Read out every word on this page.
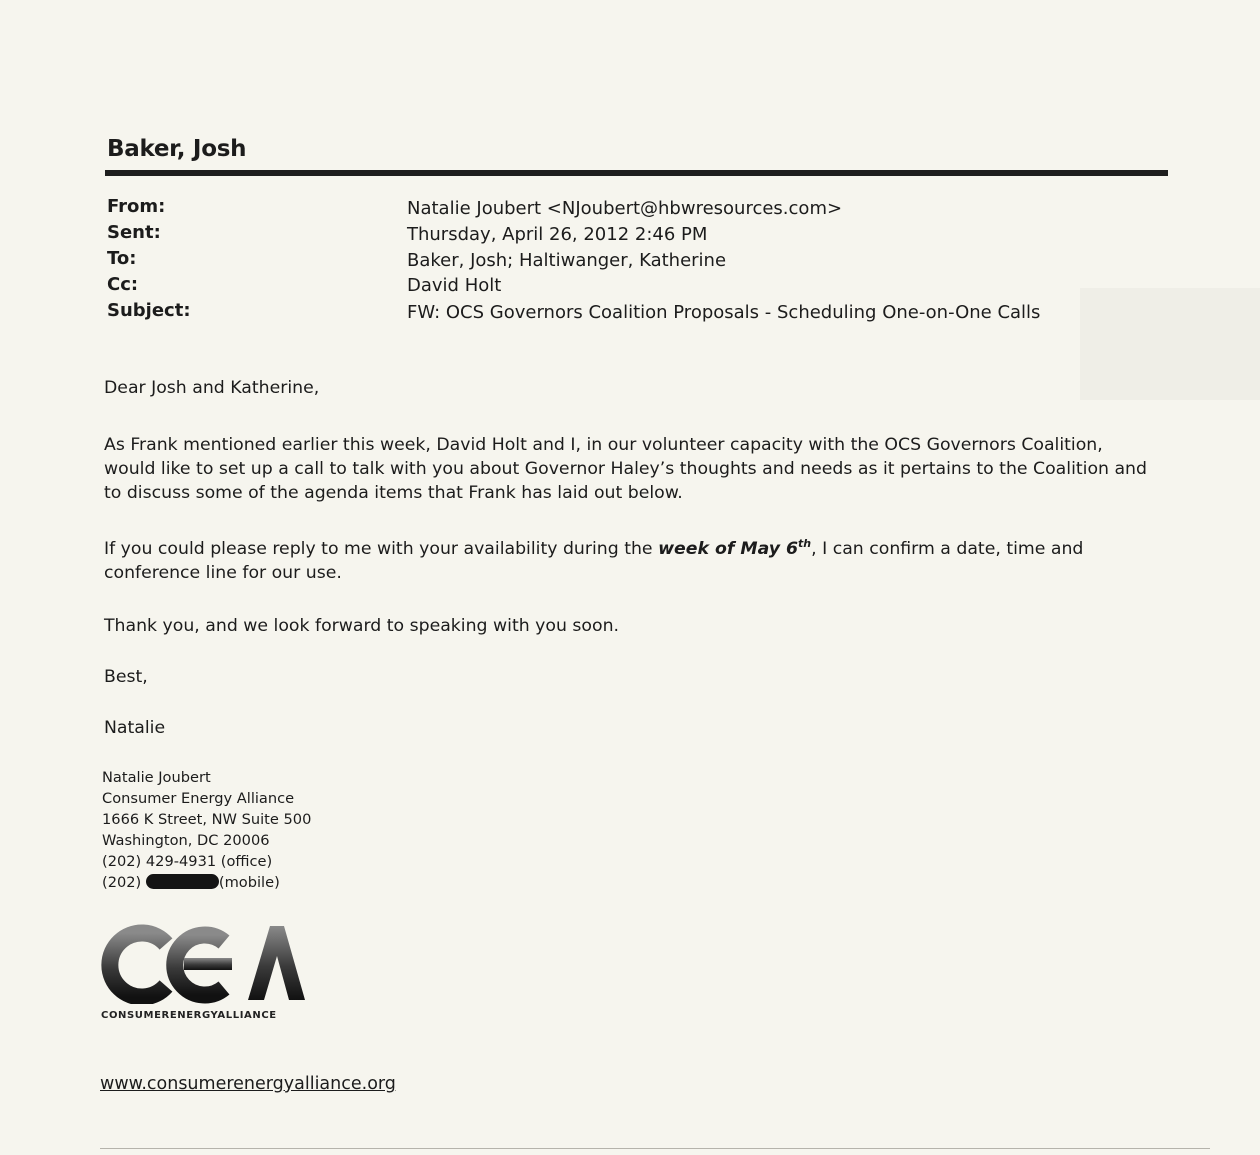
Baker, Josh
From:	Natalie Joubert <NJoubert@hbwresources.com>
Sent:	Thursday, April 26, 2012 2:46 PM
To:	Baker, Josh; Haltiwanger, Katherine
Cc:	David Holt
Subject:	FW: OCS Governors Coalition Proposals - Scheduling One-on-One Calls
Dear Josh and Katherine,
As Frank mentioned earlier this week, David Holt and I, in our volunteer capacity with the OCS Governors Coalition,
would like to set up a call to talk with you about Governor Haley’s thoughts and needs as it pertains to the Coalition and
to discuss some of the agenda items that Frank has laid out below.
If you could please reply to me with your availability during the week of May 6th, I can confirm a date, time and
conference line for our use.
Thank you, and we look forward to speaking with you soon.
Best,
Natalie
Natalie Joubert
Consumer Energy Alliance
1666 K Street, NW Suite 500
Washington, DC 20006
(202) 429-4931 (office)
(202)	(mobile)
CONSUMERENERGYALLIANCE
www.consumerenergyalliance.org
